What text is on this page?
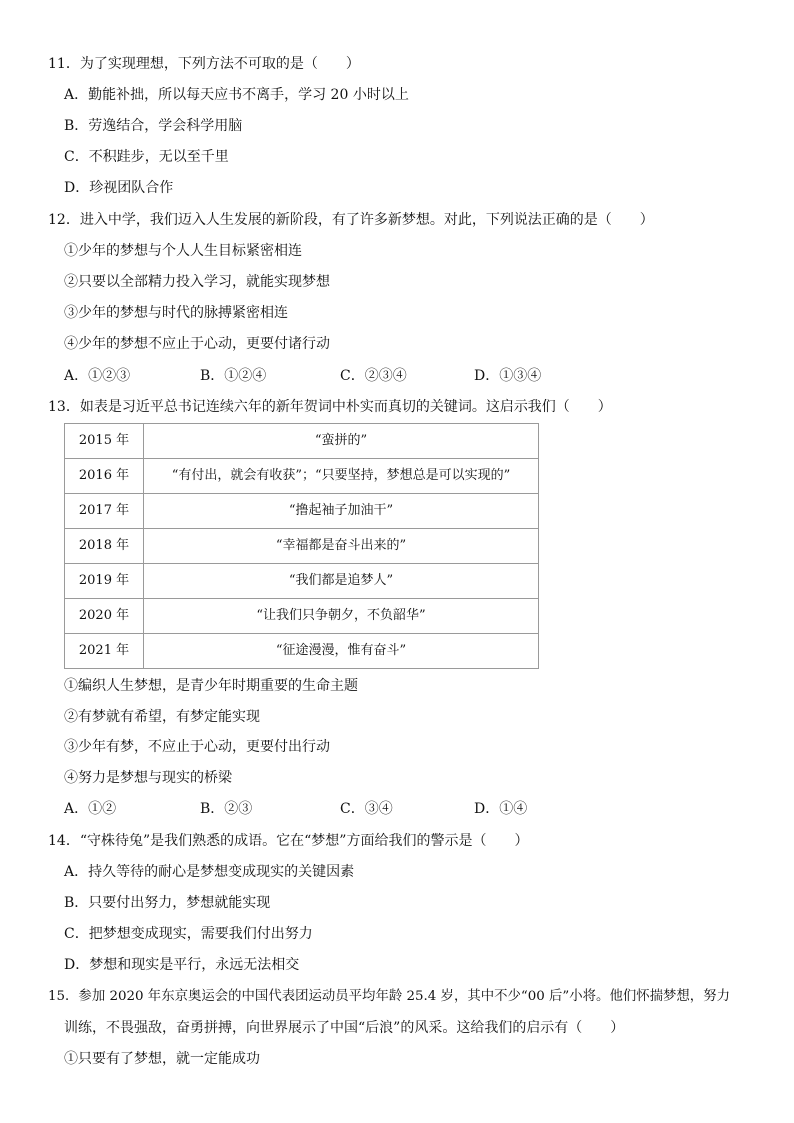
11．为了实现理想，下列方法不可取的是（　　）
A．勤能补拙，所以每天应书不离手，学习 20 小时以上
B．劳逸结合，学会科学用脑
C．不积跬步，无以至千里
D．珍视团队合作
12．进入中学，我们迈入人生发展的新阶段，有了许多新梦想。对此，下列说法正确的是（　　）
①少年的梦想与个人人生目标紧密相连
②只要以全部精力投入学习，就能实现梦想
③少年的梦想与时代的脉搏紧密相连
④少年的梦想不应止于心动，更要付诸行动
A．①②③	B．①②④	C．②③④	D．①③④
13．如表是习近平总书记连续六年的新年贺词中朴实而真切的关键词。这启示我们（　　）
2015 年	“蛮拼的”
2016 年	“有付出，就会有收获”；“只要坚持，梦想总是可以实现的”
2017 年	“撸起袖子加油干”
2018 年	“幸福都是奋斗出来的”
2019 年	“我们都是追梦人”
2020 年	“让我们只争朝夕，不负韶华”
2021 年	“征途漫漫，惟有奋斗”
①编织人生梦想，是青少年时期重要的生命主题
②有梦就有希望，有梦定能实现
③少年有梦，不应止于心动，更要付出行动
④努力是梦想与现实的桥梁
A．①②	B．②③	C．③④	D．①④
14．“守株待兔”是我们熟悉的成语。它在“梦想”方面给我们的警示是（　　）
A．持久等待的耐心是梦想变成现实的关键因素
B．只要付出努力，梦想就能实现
C．把梦想变成现实，需要我们付出努力
D．梦想和现实是平行，永远无法相交
15．参加 2020 年东京奥运会的中国代表团运动员平均年龄 25.4 岁，其中不少“00 后”小将。他们怀揣梦想，努力
训练，不畏强敌，奋勇拼搏，向世界展示了中国“后浪”的风采。这给我们的启示有（　　）
①只要有了梦想，就一定能成功
